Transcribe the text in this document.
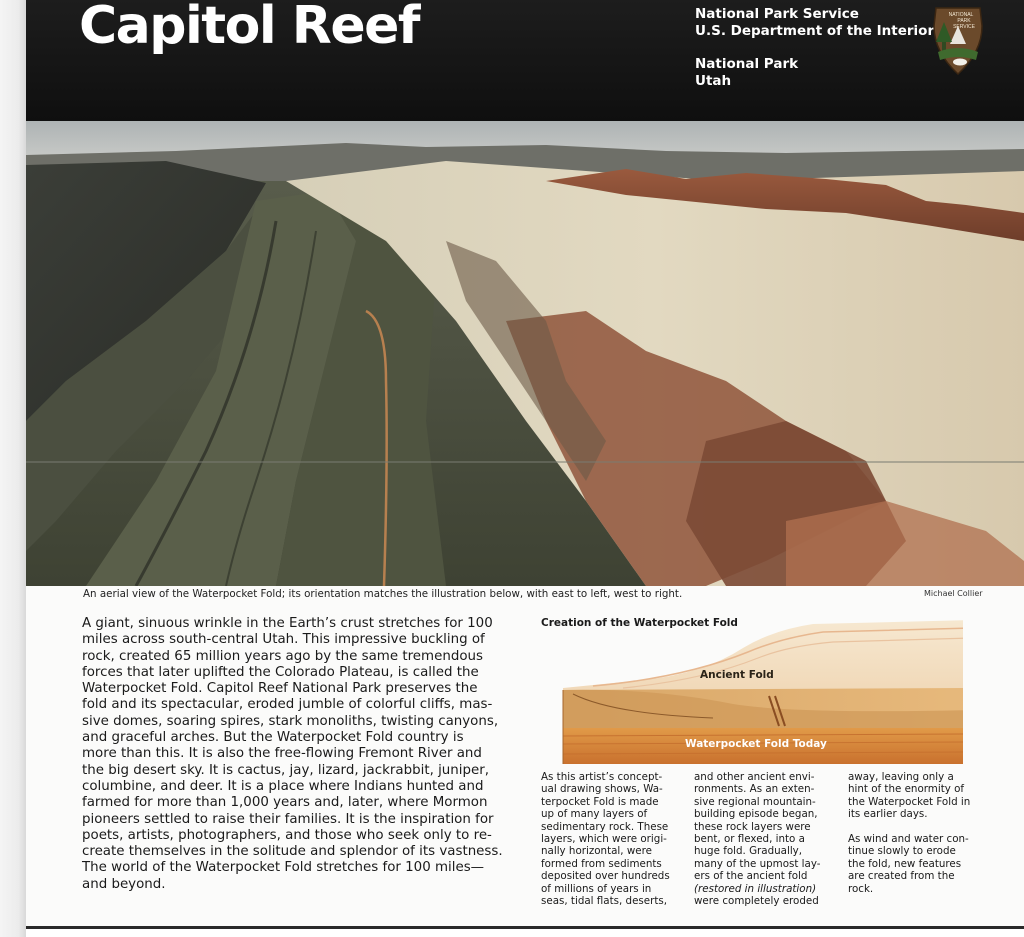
Capitol Reef	National Park Service
U.S. Department of the Interior
National Park
Utah
NATIONAL
PARK
SERVICE
An aerial view of the Waterpocket Fold; its orientation matches the illustration below, with east to left, west to right.	Michael Collier
A giant, sinuous wrinkle in the Earth’s crust stretches for 100
miles across south-central Utah. This impressive buckling of
rock, created 65 million years ago by the same tremendous
forces that later uplifted the Colorado Plateau, is called the
Waterpocket Fold. Capitol Reef National Park preserves the
fold and its spectacular, eroded jumble of colorful cliffs, mas-
sive domes, soaring spires, stark monoliths, twisting canyons,
and graceful arches. But the Waterpocket Fold country is
more than this. It is also the free-flowing Fremont River and
the big desert sky. It is cactus, jay, lizard, jackrabbit, juniper,
columbine, and deer. It is a place where Indians hunted and
farmed for more than 1,000 years and, later, where Mormon
pioneers settled to raise their families. It is the inspiration for
poets, artists, photographers, and those who seek only to re-
create themselves in the solitude and splendor of its vastness.
The world of the Waterpocket Fold stretches for 100 miles—
and beyond.
Creation of the Waterpocket Fold
Ancient Fold
Waterpocket Fold Today
As this artist’s concept-
ual drawing shows, Wa-
terpocket Fold is made
up of many layers of
sedimentary rock. These
layers, which were origi-
nally horizontal, were
formed from sediments
deposited over hundreds
of millions of years in
seas, tidal flats, deserts,
and other ancient envi-
ronments. As an exten-
sive regional mountain-
building episode began,
these rock layers were
bent, or flexed, into a
huge fold. Gradually,
many of the upmost lay-
ers of the ancient fold
(restored in illustration)
were completely eroded
away, leaving only a
hint of the enormity of
the Waterpocket Fold in
its earlier days.
As wind and water con-
tinue slowly to erode
the fold, new features
are created from the
rock.
